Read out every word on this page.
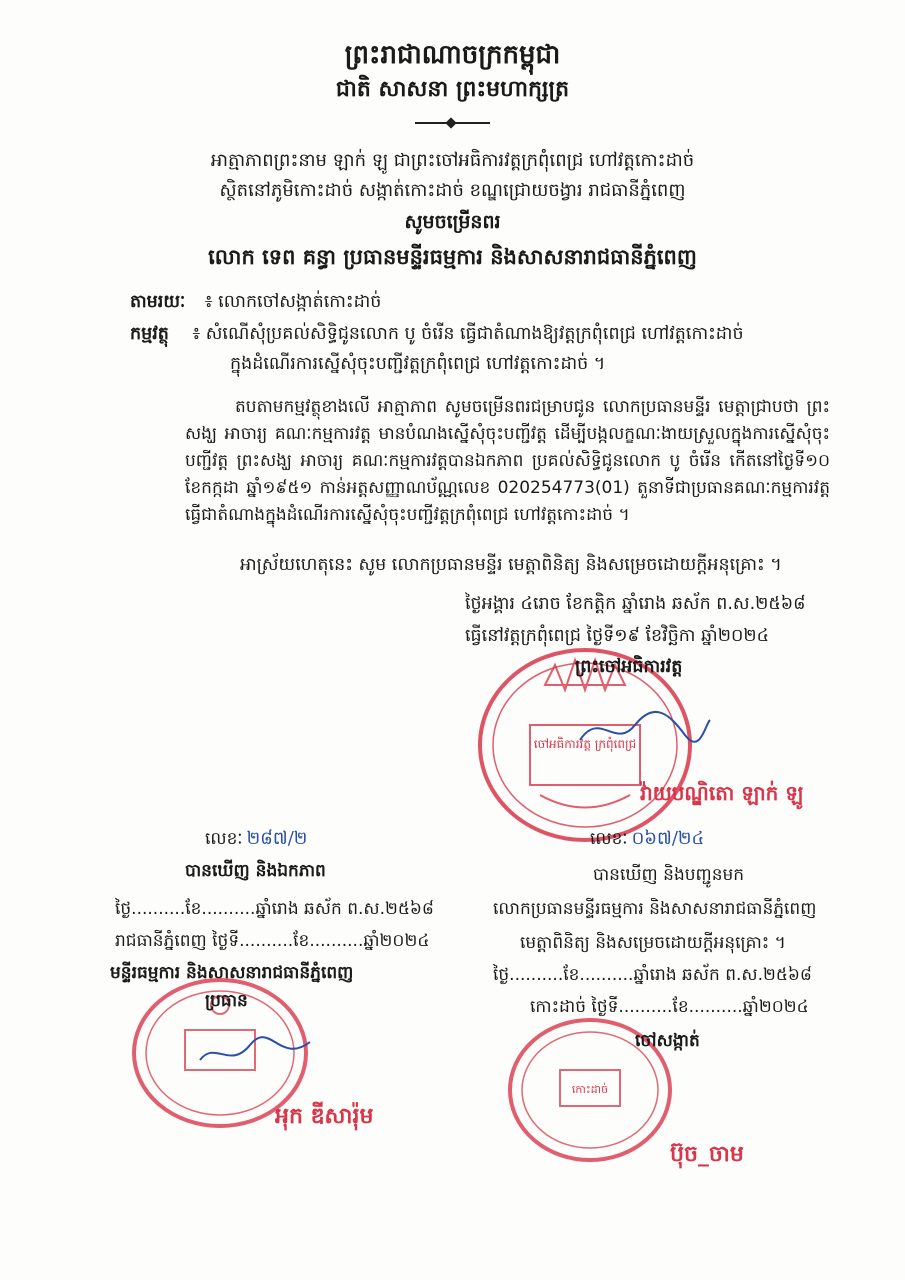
ព្រះរាជាណាចក្រកម្ពុជា
ជាតិ សាសនា ព្រះមហាក្សត្រ
អាត្មាភាពព្រះនាម ឡាក់ ឡូ ជាព្រះចៅអធិការវត្តក្រពុំពេជ្រ ហៅវត្តកោះដាច់
ស្ថិតនៅភូមិកោះដាច់ សង្កាត់កោះដាច់ ខណ្ឌជ្រោយចង្វារ រាជធានីភ្នំពេញ
សូមចម្រើនពរ
លោក ទេព គន្ធា ប្រធានមន្ទីរធម្មការ និងសាសនារាជធានីភ្នំពេញ
តាមរយៈ ៖ លោកចៅសង្កាត់កោះដាច់
កម្មវត្ថុ ៖ សំណើសុំប្រគល់សិទ្ធិជូនលោក បូ ចំរើន ធ្វើជាតំណាងឱ្យវត្តក្រពុំពេជ្រ ហៅវត្តកោះដាច់
ក្នុងដំណើរការស្នើសុំចុះបញ្ជីវត្តក្រពុំពេជ្រ ហៅវត្តកោះដាច់ ។
តបតាមកម្មវត្ថុខាងលើ អាត្មាភាព សូមចម្រើនពរជម្រាបជូន លោកប្រធានមន្ទីរ មេត្តាជ្រាបថា ព្រះសង្ឃ អាចារ្យ គណៈកម្មការវត្ត មានបំណងស្នើសុំចុះបញ្ជីវត្ត ដើម្បីបង្កលក្ខណៈងាយស្រួលក្នុងការស្នើសុំចុះបញ្ជីវត្ត ព្រះសង្ឃ អាចារ្យ គណៈកម្មការវត្តបានឯកភាព ប្រគល់សិទ្ធិជូនលោក បូ ចំរើន កើតនៅថ្ងៃទី១០ ខែកក្កដា ឆ្នាំ១៩៥១ កាន់អត្តសញ្ញាណប័ណ្ណលេខ 020254773(01) តួនាទីជាប្រធានគណៈកម្មការវត្ត ធ្វើជាតំណាងក្នុងដំណើរការស្នើសុំចុះបញ្ជីវត្តក្រពុំពេជ្រ ហៅវត្តកោះដាច់ ។
អាស្រ័យហេតុនេះ សូម លោកប្រធានមន្ទីរ មេត្តាពិនិត្យ និងសម្រេចដោយក្តីអនុគ្រោះ ។
ថ្ងៃអង្គារ ៤រោច ខែកត្តិក ឆ្នាំរោង ឆស័ក ព.ស.២៥៦៨
ធ្វើនៅវត្តក្រពុំពេជ្រ ថ្ងៃទី១៩ ខែវិច្ឆិកា ឆ្នាំ២០២៤
ចៅអធិការវត្ត ក្រពុំពេជ្រ
ព្រះចៅអធិការវត្ត
វ៉ាយបណ្ឌិតោ ឡាក់ ឡូ
លេខៈ ២៨៧/២
បានឃើញ និងឯកភាព
ថ្ងៃ..........ខែ..........ឆ្នាំរោង ឆស័ក ព.ស.២៥៦៨
រាជធានីភ្នំពេញ ថ្ងៃទី..........ខែ..........ឆ្នាំ២០២៤
មន្ទីរធម្មការ និងសាសនារាជធានីភ្នំពេញ
ប្រធាន
អុក ឌីសារ៉ុម
លេខៈ ០៦៧/២៤
បានឃើញ និងបញ្ជូនមក
លោកប្រធានមន្ទីរធម្មការ និងសាសនារាជធានីភ្នំពេញ
មេត្តាពិនិត្យ និងសម្រេចដោយក្តីអនុគ្រោះ ។
ថ្ងៃ..........ខែ..........ឆ្នាំរោង ឆស័ក ព.ស.២៥៦៨
កោះដាច់ ថ្ងៃទី..........ខែ..........ឆ្នាំ២០២៤
កោះដាច់
ចៅសង្កាត់
ប៊ុច_ចាម
